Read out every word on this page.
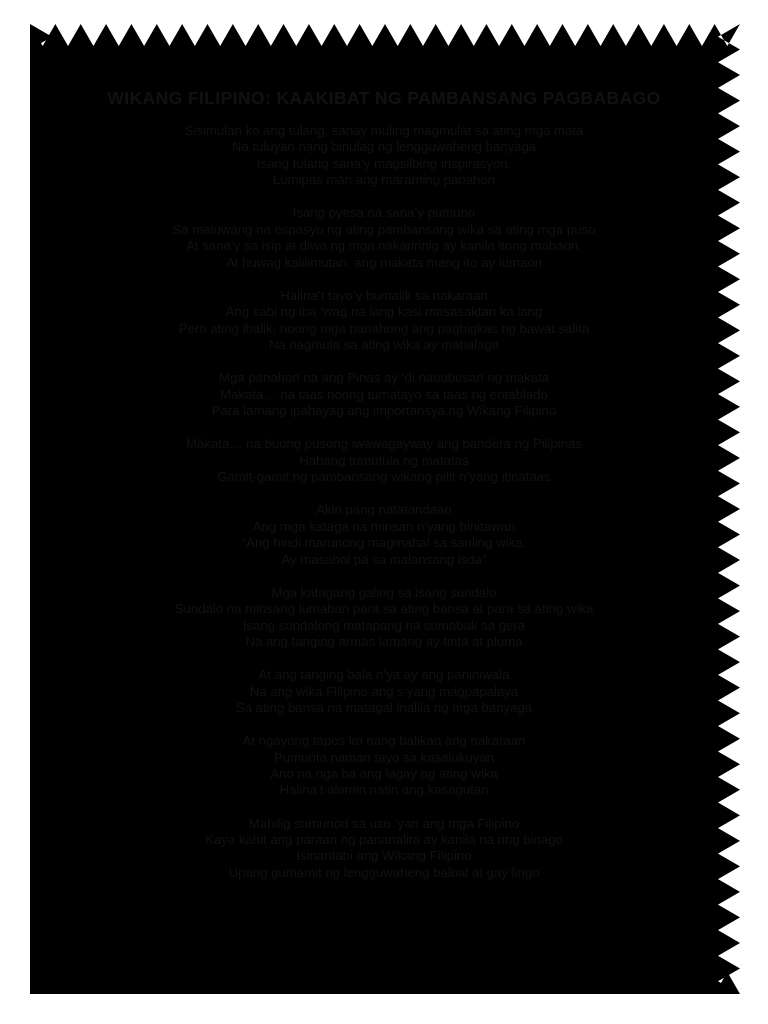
WIKANG FILIPINO: KAAKIBAT NG PAMBANSANG PAGBABAGO
Sisimulan ko ang tulang, sanay muling magmulat sa ating mga mata
Na tuluyan nang binulag ng lengguwaheng banyaga
Isang tulang sana’y magsilbing inspirasyon,
Lumipas man ang maraming panahon
Isang pyesa na sana’y pumuno
Sa maluwang na espasyo ng ating pambansang wika sa ating mga puso
At sana’y sa isip at diwa ng mga nakaririnig ay kanila itong mabaon,
At huwag kalilimutan, ang makata mang ito ay lumaon
Halina’t tayo’y bumalik sa nakaraan
Ang sabi ng iba ‘wag na lang kasi masasaktan ka lang
Pero ating ibalik, noong mga panahong ang pagbigkas ng bawat salita
Na nagmula sa ating wika ay mahalaga
Mga panahon na ang Pinas ay ‘di nauubusan ng makata
Makata… na taas noong tumatayo sa taas ng entablado
Para lamang ipahayag ang importansya ng Wikang Filipino
Makata… na buong pusong iwawagayway ang bandera ng Pilipinas
Habang tumutula ng matatas
Gamit-gamit ng pambansang wikang pilit n’yang itinataas
Akin pang natatandaan
Ang mga kataga na minsan n’yang binitawan
“Ang hindi marunong magmahal sa sariling wika.
Ay masahol pa sa malansang isda”
Mga katagang galing sa isang sundalo
Sundalo na minsang lumaban para sa ating bansa at para sa ating wika
Isang sundalong matapang na sumabak sa gera
Na ang tanging armas lamang ay tinta at pluma
At ang tanging bala n’ya ay ang paniniwala
Na ang wika Filipino ang s’yang magpapalaya
Sa ating bansa na matagal inalila ng mga banyaga
At ngayong tapos ko nang balikan ang nakaraan
Pumunta naman tayo sa kasalukuyan
Ano na nga ba ang lagay ng ating wika
Halina’t alamin natin ang kasagutan
Mahilig sumunod sa uso ‘yan ang mga Filipino
Kaya kahit ang paraan ng pananalita ay kanila na ring binago
Isinantabi ang Wikang Filipino
Upang gumamit ng lengguwaheng balbal at gay lingo
